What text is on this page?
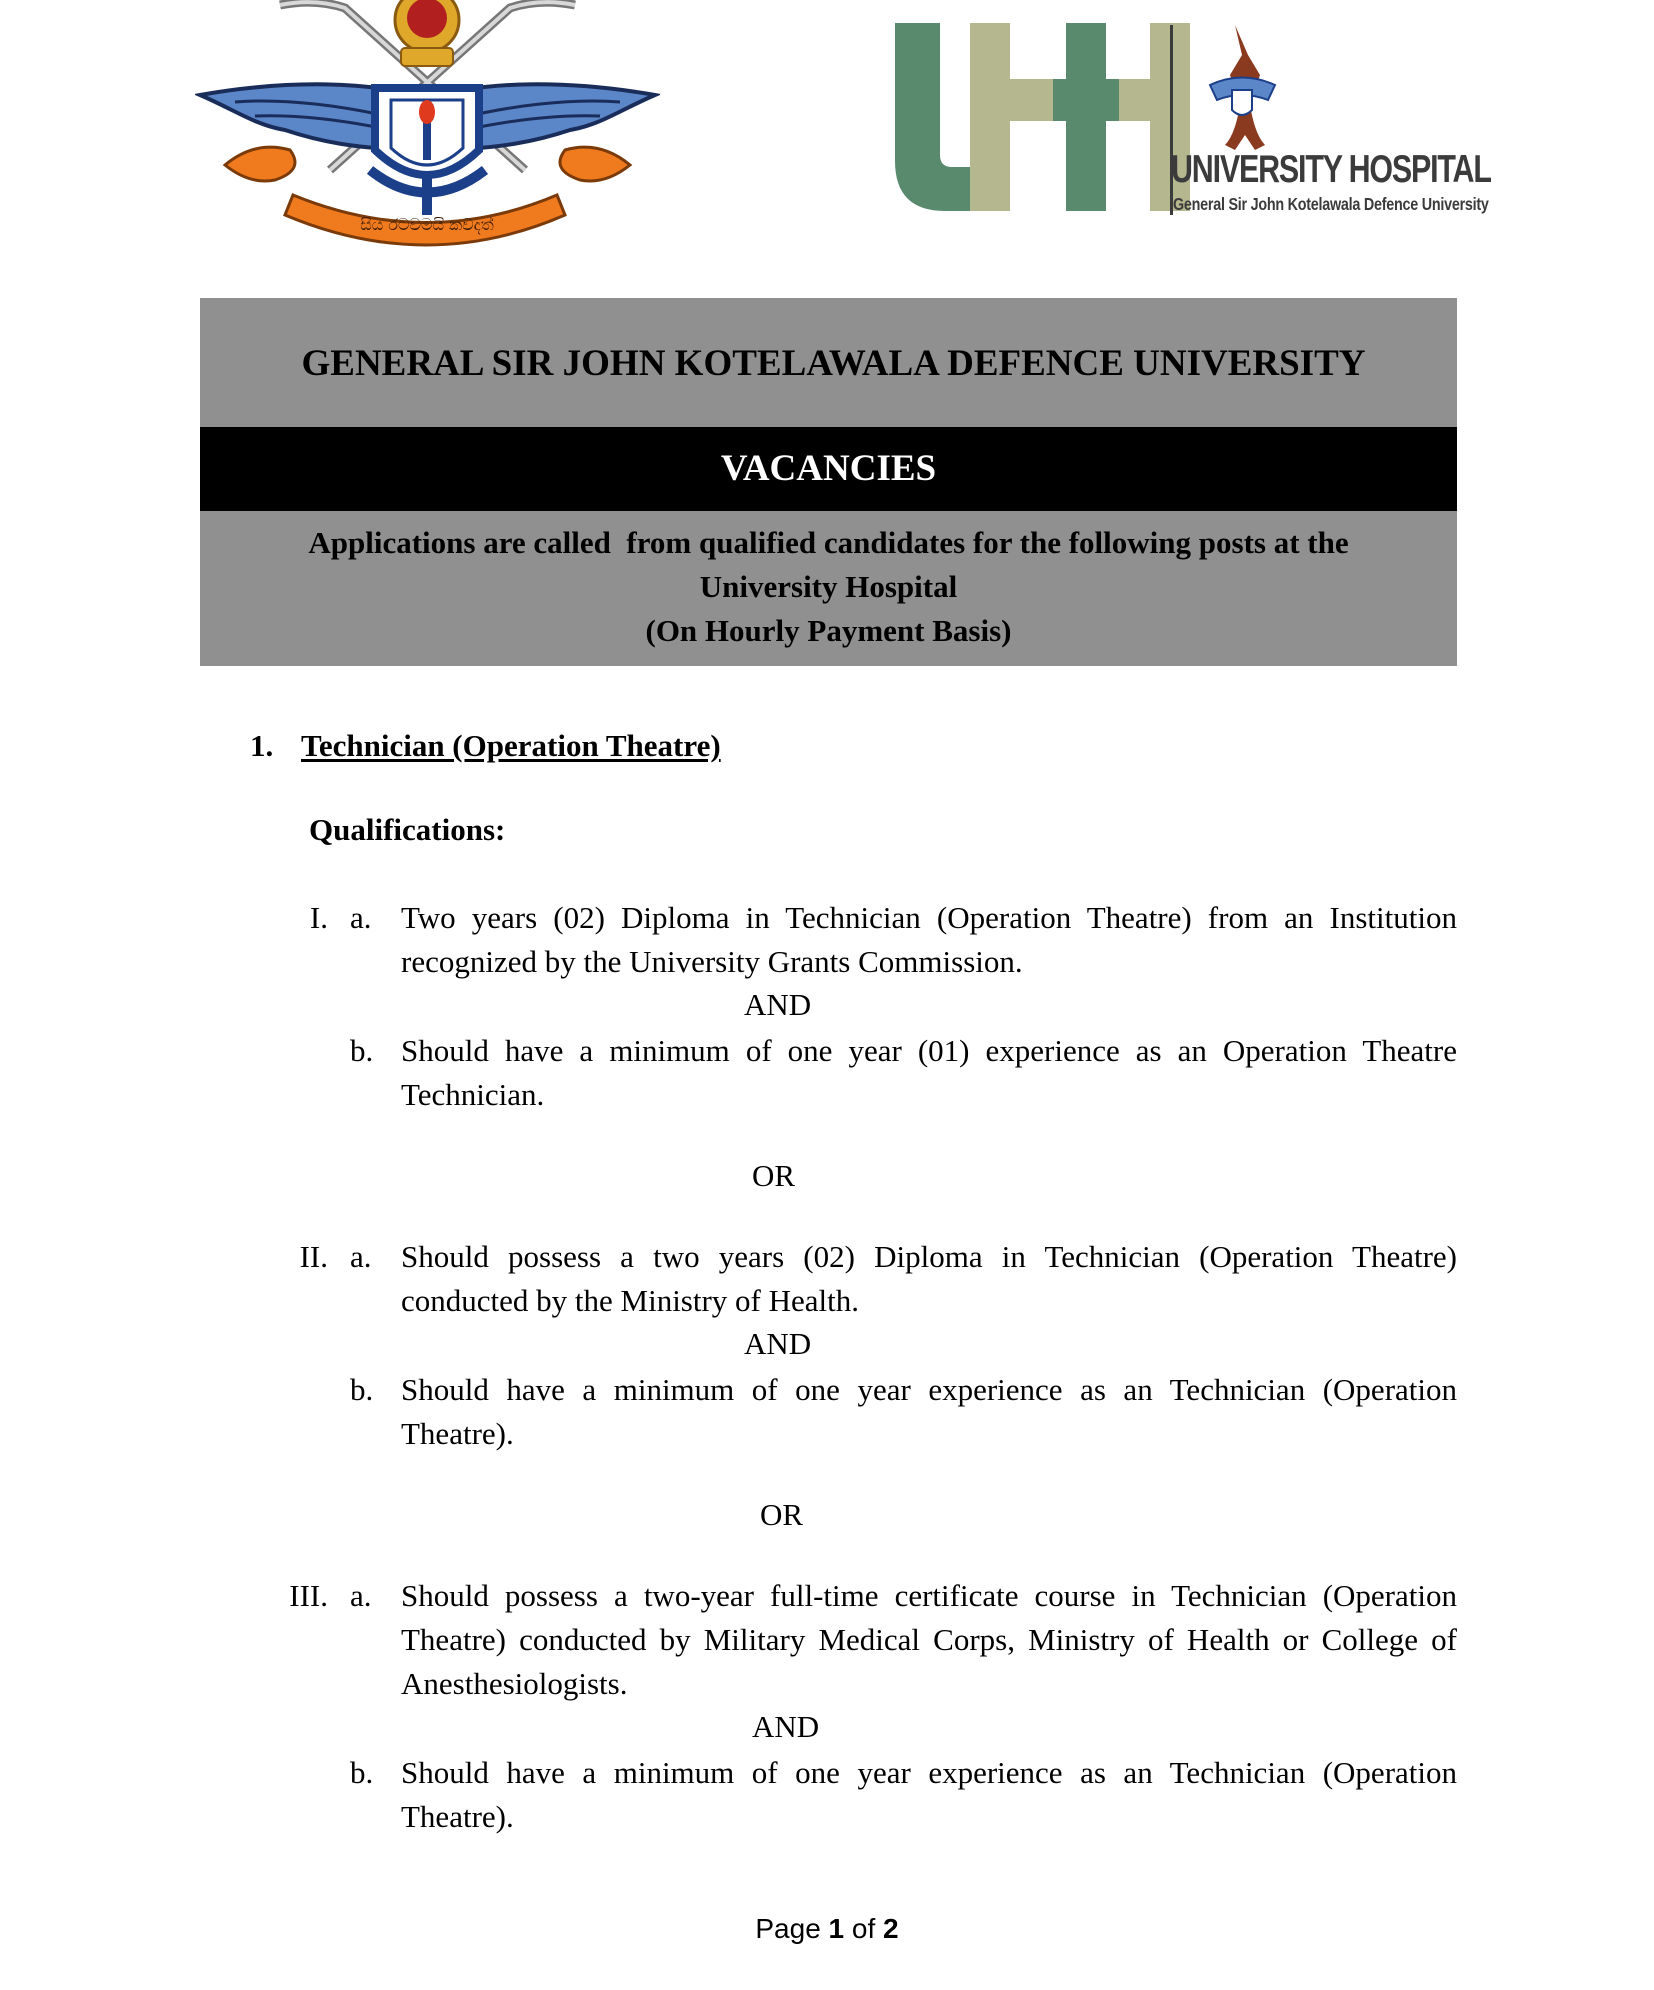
සිය රටවමයි කවදත්
UNIVERSITY HOSPITAL
General Sir John Kotelawala Defence University
GENERAL SIR JOHN KOTELAWALA DEFENCE UNIVERSITY
VACANCIES
Applications are called  from qualified candidates for the following posts at the
University Hospital
(On Hourly Payment Basis)
1. Technician (Operation Theatre)
Qualifications:
I. a. Two years (02) Diploma in Technician (Operation Theatre) from an Institution recognized by the University Grants Commission.
AND
b. Should have a minimum of one year (01) experience as an Operation Theatre Technician.
OR
II. a. Should possess a two years (02) Diploma in Technician (Operation Theatre) conducted by the Ministry of Health.
AND
b. Should have a minimum of one year experience as an Technician (Operation Theatre).
OR
III. a. Should possess a two-year full-time certificate course in Technician (Operation Theatre) conducted by Military Medical Corps, Ministry of Health or College of Anesthesiologists.
AND
b. Should have a minimum of one year experience as an Technician (Operation Theatre).
Page 1 of 2
